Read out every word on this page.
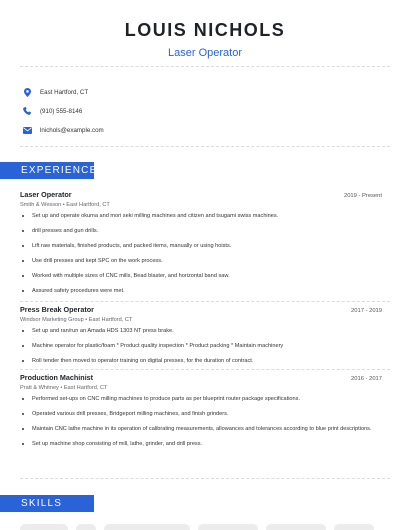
LOUIS NICHOLS
Laser Operator
East Hartford, CT
(910) 555-8146
lnichols@example.com
EXPERIENCE
Laser Operator	2019 - Present
Smith & Wesson • East Hartford, CT
Set up and operate okuma and mori seki milling machines and citizen and tsugami swiss machines.
drill presses and gun drills.
Lift raw materials, finished products, and packed items, manually or using hoists.
Use drill presses and kept SPC on the work process.
Worked with multiple sizes of CNC mills, Bead blaster, and horizontal band saw.
Assured safety procedures were met.
Press Break Operator	2017 - 2019
Windsor Marketing Group • East Hartford, CT
Set up and ran/run an Amada HDS 1303 NT press brake.
Machine operator for plastic/foam * Product quality inspection * Product packing * Maintain machinery
Roll tender then moved to operator training on digital presses, for the duration of contract.
Production Machinist	2016 - 2017
Pratt & Whitney • East Hartford, CT
Performed set-ups on CNC milling machines to produce parts as per blueprint router package specifications.
Operated various drill presses, Bridgeport milling machines, and finish grinders.
Maintain CNC lathe machine in its operation of calibrating measurements, allowances and tolerances according to blue print descriptions.
Set up machine shop consisting of mill, lathe, grinder, and drill press.
SKILLS
